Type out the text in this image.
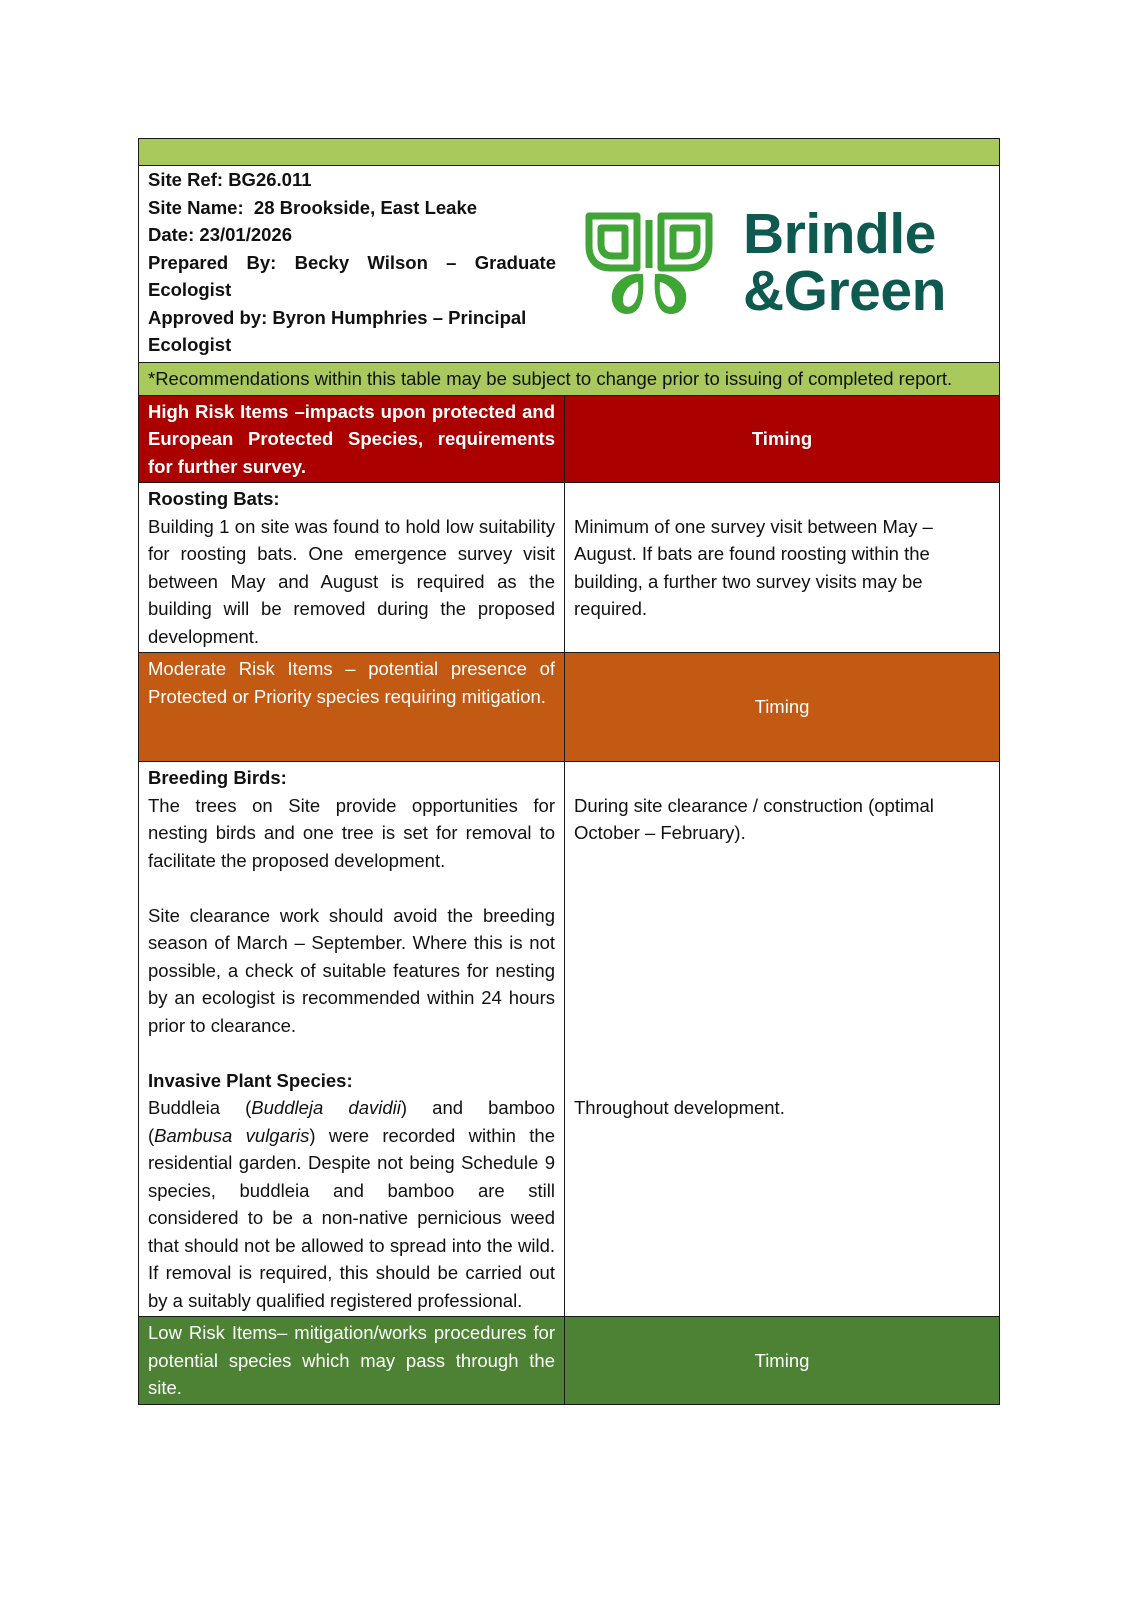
Site Ref: BG26.011
Site Name: 28 Brookside, East Leake
Date: 23/01/2026
Prepared By: Becky Wilson – Graduate Ecologist
Approved by: Byron Humphries – Principal Ecologist
Brindle
&Green
*Recommendations within this table may be subject to change prior to issuing of completed report.
High Risk Items –impacts upon protected and European Protected Species, requirements for further survey.
Timing
Roosting Bats:

Building 1 on site was found to hold low suitability for roosting bats. One emergence survey visit between May and August is required as the building will be removed during the proposed development.

Minimum of one survey visit between May – August. If bats are found roosting within the building, a further two survey visits may be required.

Moderate Risk Items – potential presence of Protected or Priority species requiring mitigation.
Timing
Breeding Birds:

The trees on Site provide opportunities for nesting birds and one tree is set for removal to facilitate the proposed development.

Site clearance work should avoid the breeding season of March – September. Where this is not possible, a check of suitable features for nesting by an ecologist is recommended within 24 hours prior to clearance.

Invasive Plant Species:

Buddleia (Buddleja davidii) and bamboo (Bambusa vulgaris) were recorded within the residential garden. Despite not being Schedule 9 species, buddleia and bamboo are still considered to be a non-native pernicious weed that should not be allowed to spread into the wild. If removal is required, this should be carried out by a suitably qualified registered professional.

During site clearance / construction (optimal October – February).

Throughout development.

Low Risk Items– mitigation/works procedures for potential species which may pass through the site.
Timing
